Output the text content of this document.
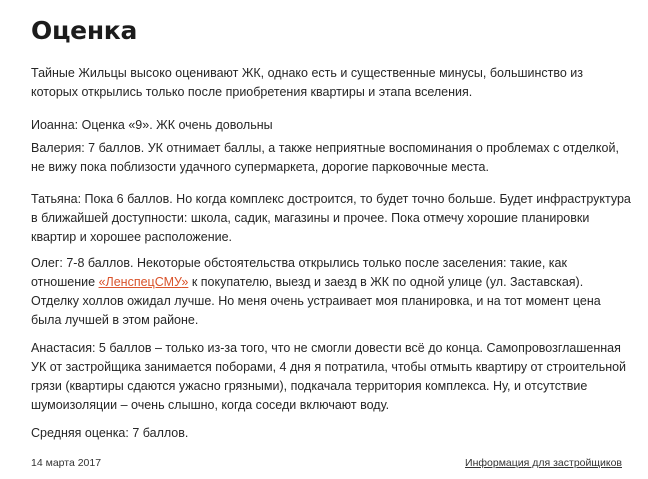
Оценка

Тайные Жильцы высоко оценивают ЖК, однако есть и существенные минусы, большинство из которых открылись только после приобретения квартиры и этапа вселения.

Иоанна: Оценка «9». ЖК очень довольны

Валерия: 7 баллов. УК отнимает баллы, а также неприятные воспоминания о проблемах с отделкой, не вижу пока поблизости удачного супермаркета, дорогие парковочные места.

Татьяна: Пока 6 баллов. Но когда комплекс достроится, то будет точно больше. Будет инфраструктура в ближайшей доступности: школа, садик, магазины и прочее. Пока отмечу хорошие планировки квартир и хорошее расположение.

Олег: 7-8 баллов. Некоторые обстоятельства открылись только после заселения: такие, как отношение «ЛенспецСМУ» к покупателю, выезд и заезд в ЖК по одной улице (ул. Заставская). Отделку холлов ожидал лучше. Но меня очень устраивает моя планировка, и на тот момент цена была лучшей в этом районе.

Анастасия: 5 баллов – только из-за того, что не смогли довести всё до конца. Самопровозглашенная УК от застройщика занимается поборами, 4 дня я потратила, чтобы отмыть квартиру от строительной грязи (квартиры сдаются ужасно грязными), подкачала территория комплекса. Ну, и отсутствие шумоизоляции – очень слышно, когда соседи включают воду.

Средняя оценка: 7 баллов.

14 марта 2017	Информация для застройщиков
